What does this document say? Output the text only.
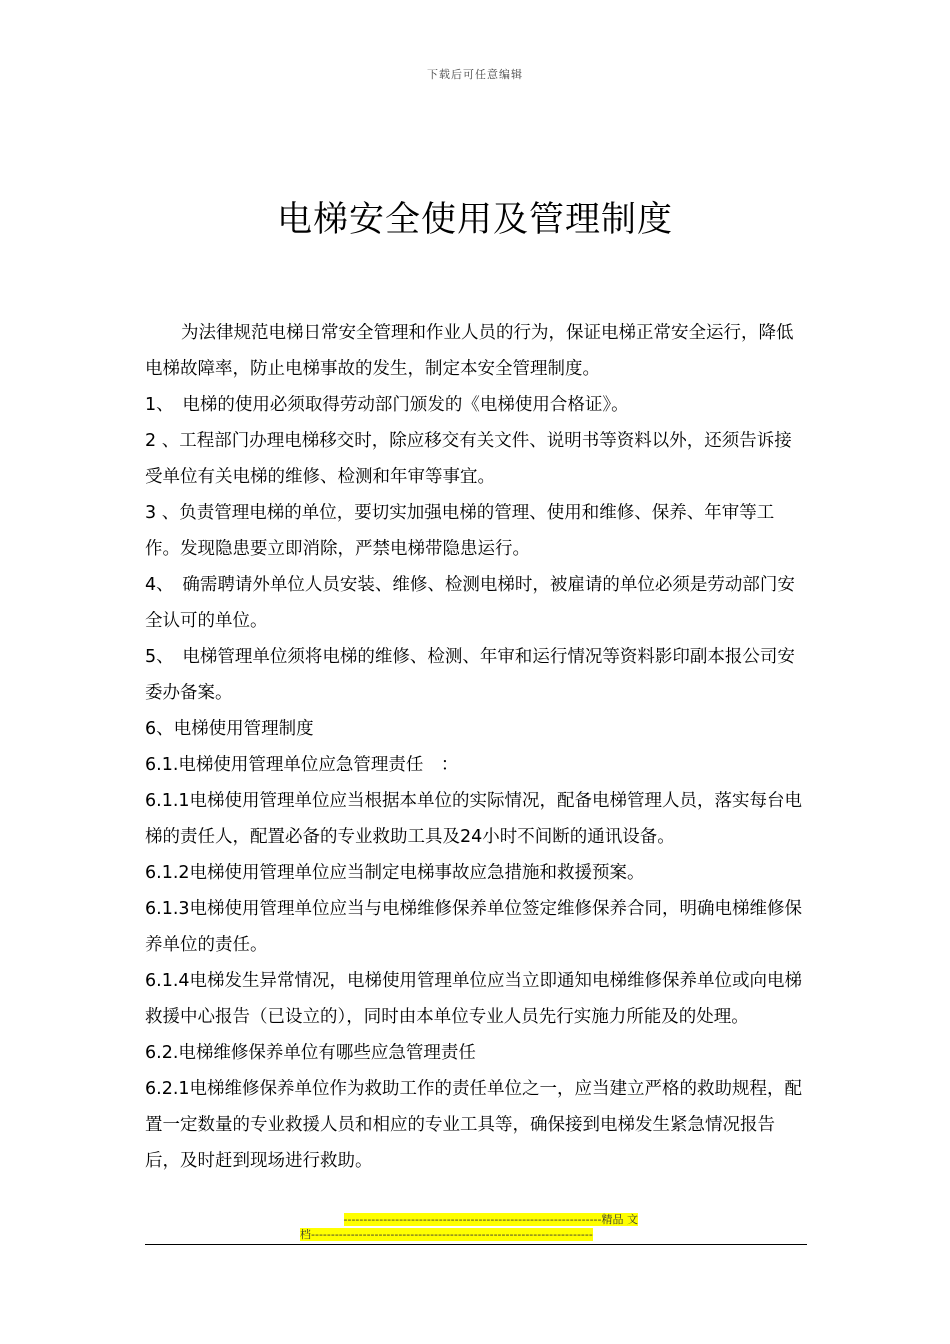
下载后可任意编辑
电梯安全使用及管理制度

为法律规范电梯日常安全管理和作业人员的行为，保证电梯正常安全运行，降低电梯故障率，防止电梯事故的发生，制定本安全管理制度。

1、　电梯的使用必须取得劳动部门颁发的《电梯使用合格证》。

2 、工程部门办理电梯移交时，除应移交有关文件、说明书等资料以外，还须告诉接受单位有关电梯的维修、检测和年审等事宜。

3 、负责管理电梯的单位，要切实加强电梯的管理、使用和维修、保养、年审等工作。发现隐患要立即消除，严禁电梯带隐患运行。

4、　确需聘请外单位人员安装、维修、检测电梯时，被雇请的单位必须是劳动部门安全认可的单位。

5、　电梯管理单位须将电梯的维修、检测、年审和运行情况等资料影印副本报公司安委办备案。

6、电梯使用管理制度

6.1.电梯使用管理单位应急管理责任　：

6.1.1电梯使用管理单位应当根据本单位的实际情况，配备电梯管理人员，落实每台电梯的责任人，配置必备的专业救助工具及24小时不间断的通讯设备。

6.1.2电梯使用管理单位应当制定电梯事故应急措施和救援预案。

6.1.3电梯使用管理单位应当与电梯维修保养单位签定维修保养合同，明确电梯维修保养单位的责任。

6.1.4电梯发生异常情况，电梯使用管理单位应当立即通知电梯维修保养单位或向电梯救援中心报告（已设立的），同时由本单位专业人员先行实施力所能及的处理。

6.2.电梯维修保养单位有哪些应急管理责任

6.2.1电梯维修保养单位作为救助工作的责任单位之一，应当建立严格的救助规程，配置一定数量的专业救援人员和相应的专业工具等，确保接到电梯发生紧急情况报告后，及时赶到现场进行救助。

-----------------------------------------------------------------精品 文
档-----------------------------------------------------------------------
